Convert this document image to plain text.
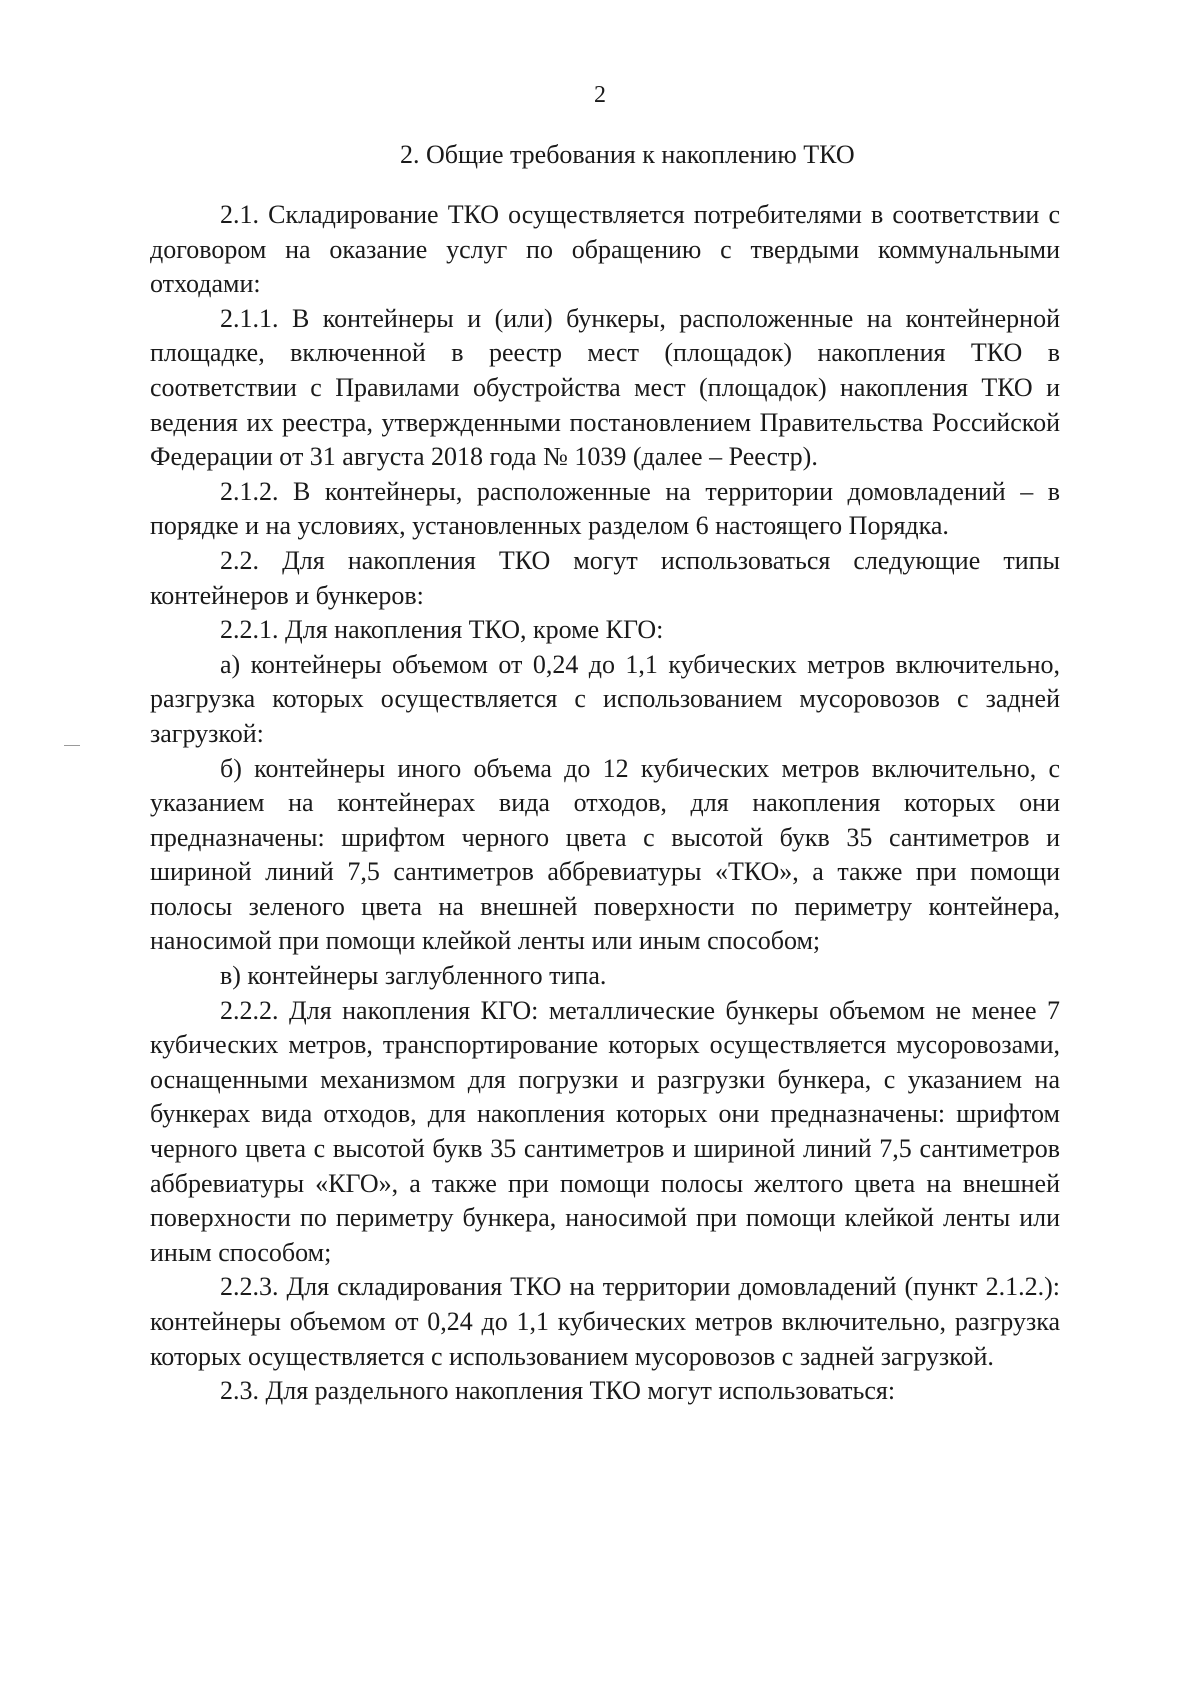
2
2. Общие требования к накоплению ТКО

2.1. Складирование ТКО осуществляется потребителями в соответствии с договором на оказание услуг по обращению с твердыми коммунальными отходами:

2.1.1. В контейнеры и (или) бункеры, расположенные на контейнерной площадке, включенной в реестр мест (площадок) накопления ТКО в соответствии с Правилами обустройства мест (площадок) накопления ТКО и ведения их реестра, утвержденными постановлением Правительства Российской Федерации от 31 августа 2018 года № 1039 (далее – Реестр).

2.1.2. В контейнеры, расположенные на территории домовладений – в порядке и на условиях, установленных разделом 6 настоящего Порядка.

2.2. Для накопления ТКО могут использоваться следующие типы контейнеров и бункеров:

2.2.1. Для накопления ТКО, кроме КГО:

а) контейнеры объемом от 0,24 до 1,1 кубических метров включительно, разгрузка которых осуществляется с использованием мусоровозов с задней загрузкой:

б) контейнеры иного объема до 12 кубических метров включительно, с указанием на контейнерах вида отходов, для накопления которых они предназначены: шрифтом черного цвета с высотой букв 35 сантиметров и шириной линий 7,5 сантиметров аббревиатуры «ТКО», а также при помощи полосы зеленого цвета на внешней поверхности по периметру контейнера, наносимой при помощи клейкой ленты или иным способом;

в) контейнеры заглубленного типа.

2.2.2. Для накопления КГО: металлические бункеры объемом не менее 7 кубических метров, транспортирование которых осуществляется мусоровозами, оснащенными механизмом для погрузки и разгрузки бункера, с указанием на бункерах вида отходов, для накопления которых они предназначены: шрифтом черного цвета с высотой букв 35 сантиметров и шириной линий 7,5 сантиметров аббревиатуры «КГО», а также при помощи полосы желтого цвета на внешней поверхности по периметру бункера, наносимой при помощи клейкой ленты или иным способом;

2.2.3. Для складирования ТКО на территории домовладений (пункт 2.1.2.): контейнеры объемом от 0,24 до 1,1 кубических метров включительно, разгрузка которых осуществляется с использованием мусоровозов с задней загрузкой.

2.3. Для раздельного накопления ТКО могут использоваться:
